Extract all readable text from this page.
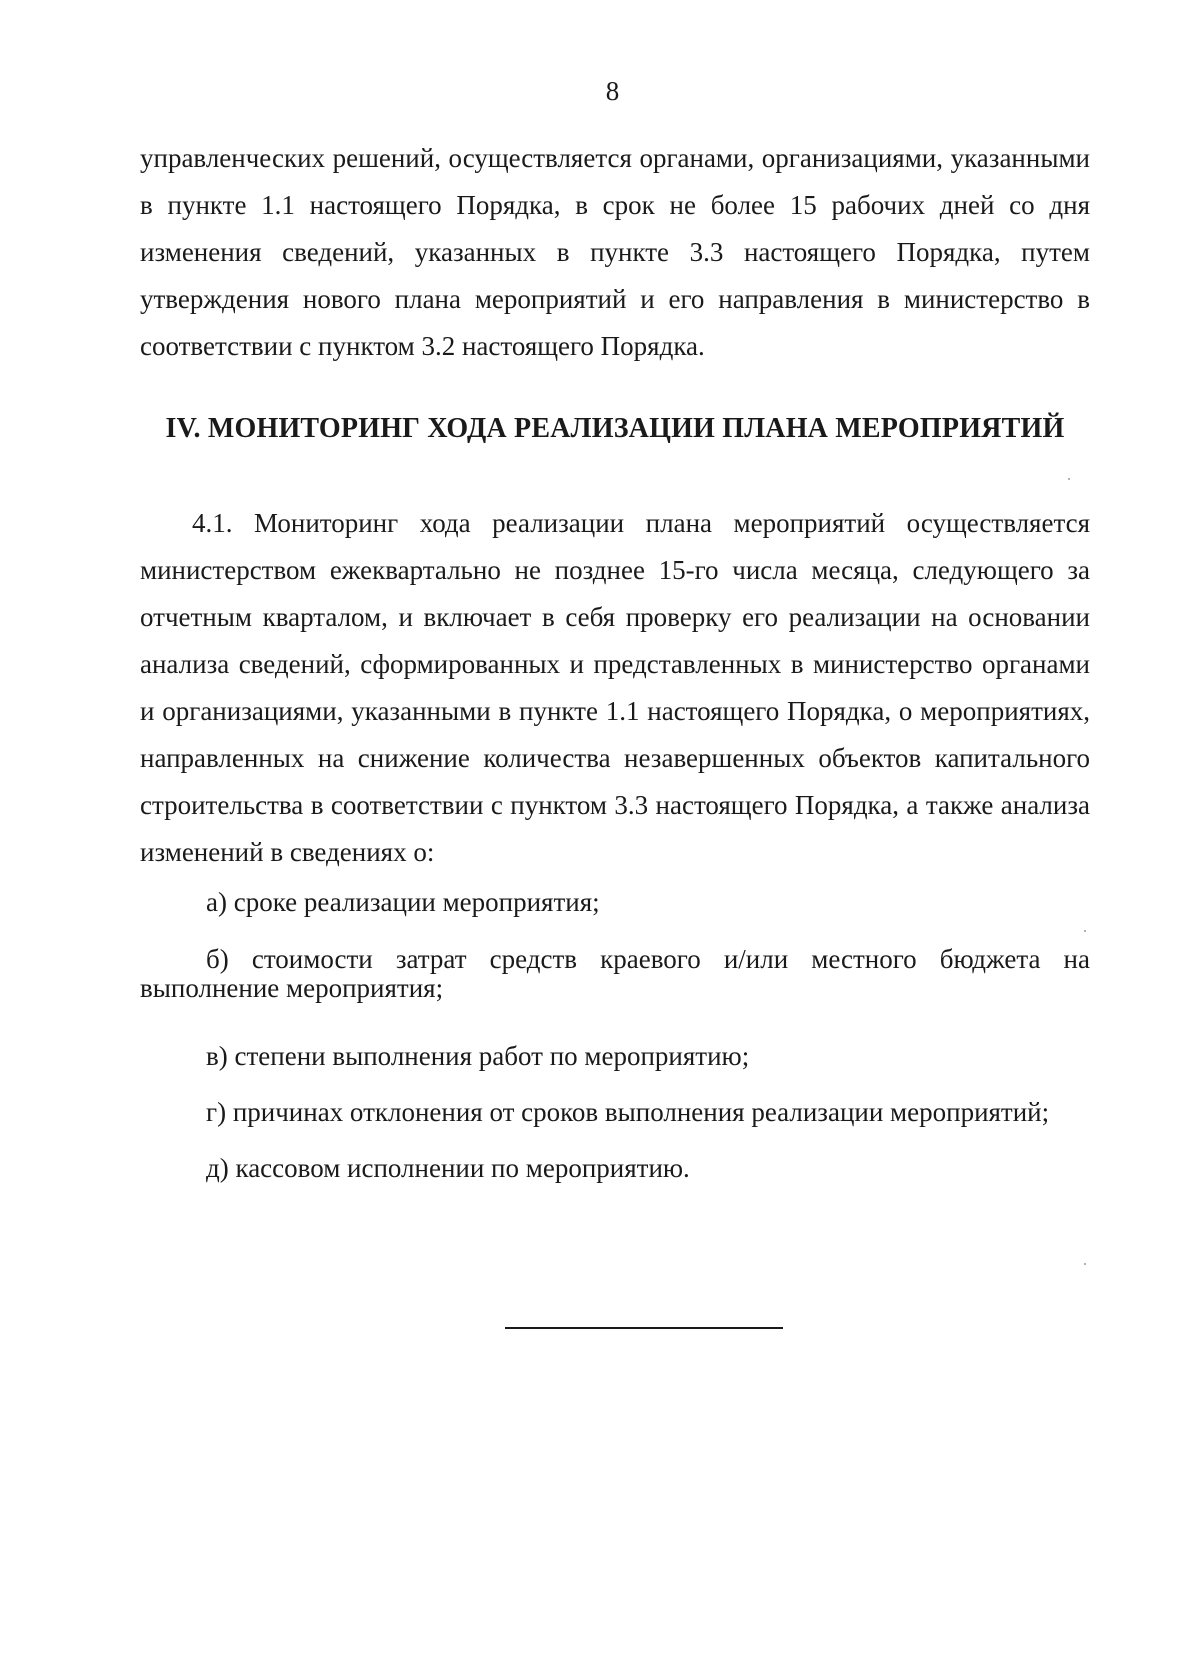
8

управленческих решений, осуществляется органами, организациями, указанными в пункте 1.1 настоящего Порядка, в срок не более 15 рабочих дней со дня изменения сведений, указанных в пункте 3.3 настоящего Порядка, путем утверждения нового плана мероприятий и его направления в министерство в соответствии с пунктом 3.2 настоящего Порядка.

IV. МОНИТОРИНГ ХОДА РЕАЛИЗАЦИИ ПЛАНА МЕРОПРИЯТИЙ

4.1. Мониторинг хода реализации плана мероприятий осуществляется министерством ежеквартально не позднее 15-го числа месяца, следующего за отчетным кварталом, и включает в себя проверку его реализации на основании анализа сведений, сформированных и представленных в министерство органами и организациями, указанными в пункте 1.1 настоящего Порядка, о мероприятиях, направленных на снижение количества незавершенных объектов капитального строительства в соответствии с пунктом 3.3 настоящего Порядка, а также анализа изменений в сведениях о:

а) сроке реализации мероприятия;
б) стоимости затрат средств краевого и/или местного бюджета на выполнение мероприятия;
в) степени выполнения работ по мероприятию;
г) причинах отклонения от сроков выполнения реализации мероприятий;
д) кассовом исполнении по мероприятию.
